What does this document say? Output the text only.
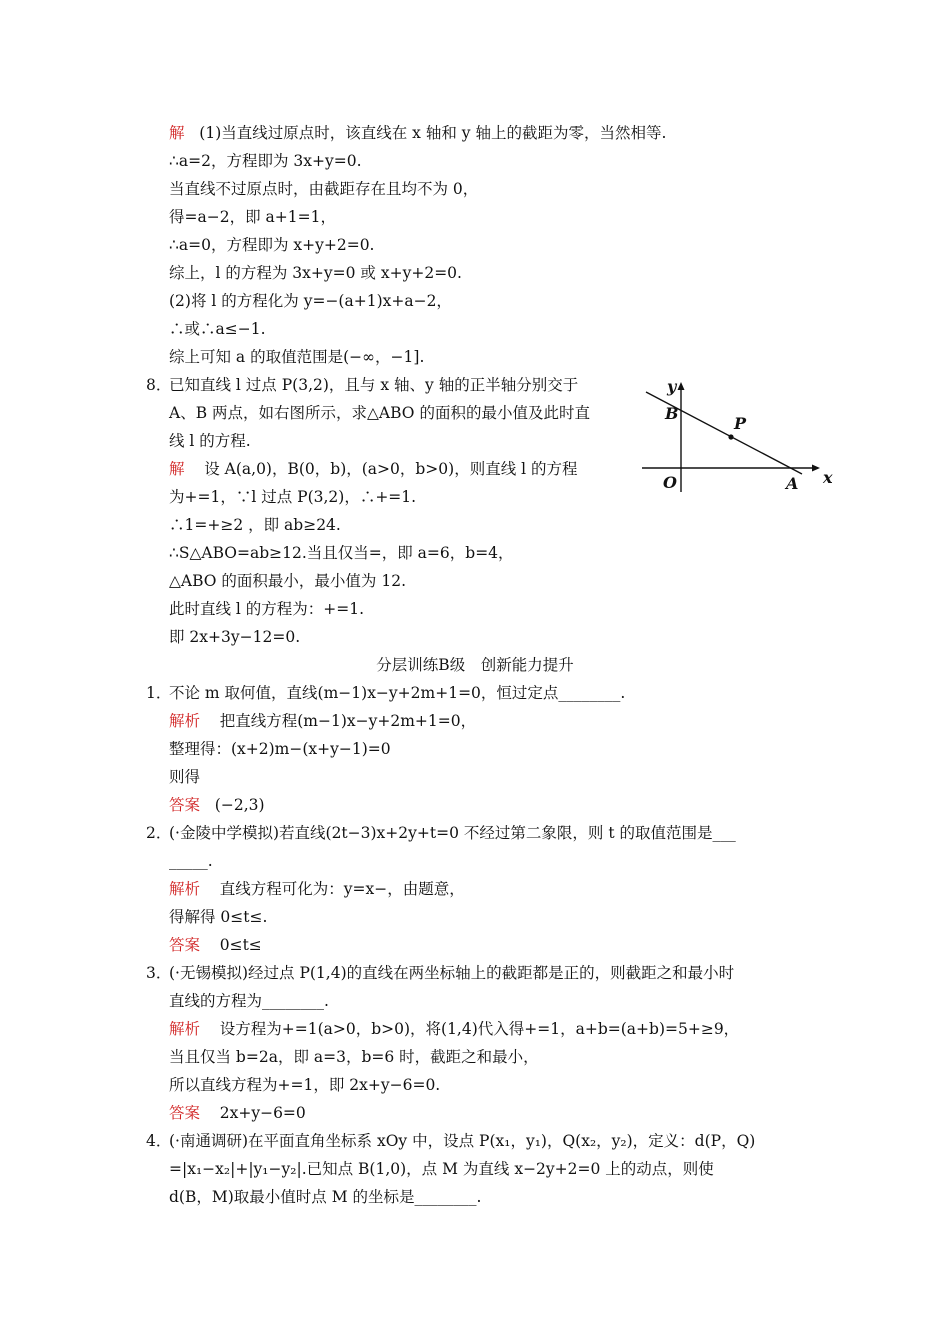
解 (1)当直线过原点时，该直线在 x 轴和 y 轴上的截距为零，当然相等.
∴a=2，方程即为 3x+y=0.
当直线不过原点时，由截距存在且均不为 0，
得=a−2，即 a+1=1，
∴a=0，方程即为 x+y+2=0.
综上，l 的方程为 3x+y=0 或 x+y+2=0.
(2)将 l 的方程化为 y=−(a+1)x+a−2，
∴或∴a≤−1.
综上可知 a 的取值范围是(−∞，−1].
8．
已知直线 l 过点 P(3,2)，且与 x 轴、y 轴的正半轴分别交于
A、B 两点，如右图所示，求△ABO 的面积的最小值及此时直
线 l 的方程.
解 设 A(a,0)，B(0，b)，(a>0，b>0)，则直线 l 的方程
为+=1，∵l 过点 P(3,2)，∴+=1.
∴1=+≥2 ，即 ab≥24.
∴S△ABO=ab≥12.当且仅当=，即 a=6，b=4，
△ABO 的面积最小，最小值为 12.
此时直线 l 的方程为：+=1.
即 2x+3y−12=0.
y
x
O	A
B
P
分层训练B级　创新能力提升
1．
不论 m 取何值，直线(m−1)x−y+2m+1=0，恒过定点________.
解析 把直线方程(m−1)x−y+2m+1=0，
整理得：(x+2)m−(x+y−1)=0
则得
答案 (−2,3)
2．
(·金陵中学模拟)若直线(2t−3)x+2y+t=0 不经过第二象限，则 t 的取值范围是___
_____.
解析 直线方程可化为：y=x−，由题意，
得解得 0≤t≤.
答案 0≤t≤
3．
(·无锡模拟)经过点 P(1,4)的直线在两坐标轴上的截距都是正的，则截距之和最小时
直线的方程为________.
解析 设方程为+=1(a>0，b>0)，将(1,4)代入得+=1，a+b=(a+b)=5+≥9，
当且仅当 b=2a，即 a=3，b=6 时，截距之和最小，
所以直线方程为+=1，即 2x+y−6=0.
答案 2x+y−6=0
4．
(·南通调研)在平面直角坐标系 xOy 中，设点 P(x₁，y₁)，Q(x₂，y₂)，定义：d(P，Q)
=|x₁−x₂|+|y₁−y₂|.已知点 B(1,0)，点 M 为直线 x−2y+2=0 上的动点，则使
d(B，M)取最小值时点 M 的坐标是________.
